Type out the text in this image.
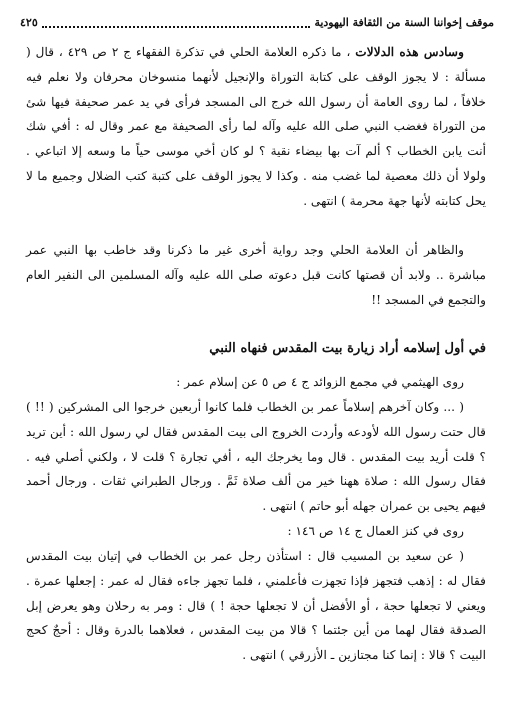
موقف إخواننا السنة من الثقافة اليهودية
٤٢٥

وسادس هذه الدلالات ، ما ذكره العلامة الحلي في تذكرة الفقهاء ج ٢ ص ٤٢٩ ، قال ( مسألة : لا يجوز الوقف على كتابة التوراة والإنجيل لأنهما منسوخان محرفان ولا نعلم فيه خلافاً ، لما روى العامة أن رسول الله خرج الى المسجد فرأى في يد عمر صحيفة فيها شئ من التوراة فغضب النبي صلى الله عليه وآله لما رأى الصحيفة مع عمر وقال له : أفي شك أنت يابن الخطاب ؟ ألم آت بها بيضاء نقية ؟ لو كان أخي موسى حياً ما وسعه إلا اتباعي . ولولا أن ذلك معصية لما غضب منه . وكذا لا يجوز الوقف على كتبة كتب الضلال وجميع ما لا يحل كتابته لأنها جهة محرمة ) انتهى .

والظاهر أن العلامة الحلي وجد رواية أخرى غير ما ذكرنا وقد خاطب بها النبي عمر مباشرة .. ولابد أن قصتها كانت قبل دعوته صلى الله عليه وآله المسلمين الى النفير العام والتجمع في المسجد !!

في أول إسلامه أراد زيارة بيت المقدس فنهاه النبي

روى الهيثمي في مجمع الزوائد ج ٤ ص ٥ عن إسلام عمر :

( ... وكان آخرهم إسلاماً عمر بن الخطاب فلما كانوا أربعين خرجوا الى المشركين ( !! ) قال حتت رسول الله لأودعه وأردت الخروج الى بيت المقدس فقال لي رسول الله : أين تريد ؟ قلت أريد بيت المقدس . قال وما يخرجك اليه ، أفي تجارة ؟ قلت لا ، ولكني أصلي فيه . فقال رسول الله : صلاة ههنا خير من ألف صلاة ثَمَّ . ورجال الطبراني ثقات . ورجال أحمد فيهم يحيى بن عمران جهله أبو حاتم ) انتهى .

روى في كنز العمال ج ١٤ ص ١٤٦ :

( عن سعيد بن المسيب قال : استأذن رجل عمر بن الخطاب في إتيان بيت المقدس فقال له : إذهب فتجهز فإذا تجهزت فأعلمني ، فلما تجهز جاءه فقال له عمر : إجعلها عمرة . ويعني لا تجعلها حجة ، أو الأفضل أن لا تجعلها حجة ! ) قال : ومر به رحلان وهو يعرض إبل الصدقة فقال لهما من أين جئتما ؟ قالا من بيت المقدس ، فعلاهما بالدرة وقال : أحجٌ كحج البيت ؟ قالا : إنما كنا مجتازين ـ الأزرقي ) انتهى .
